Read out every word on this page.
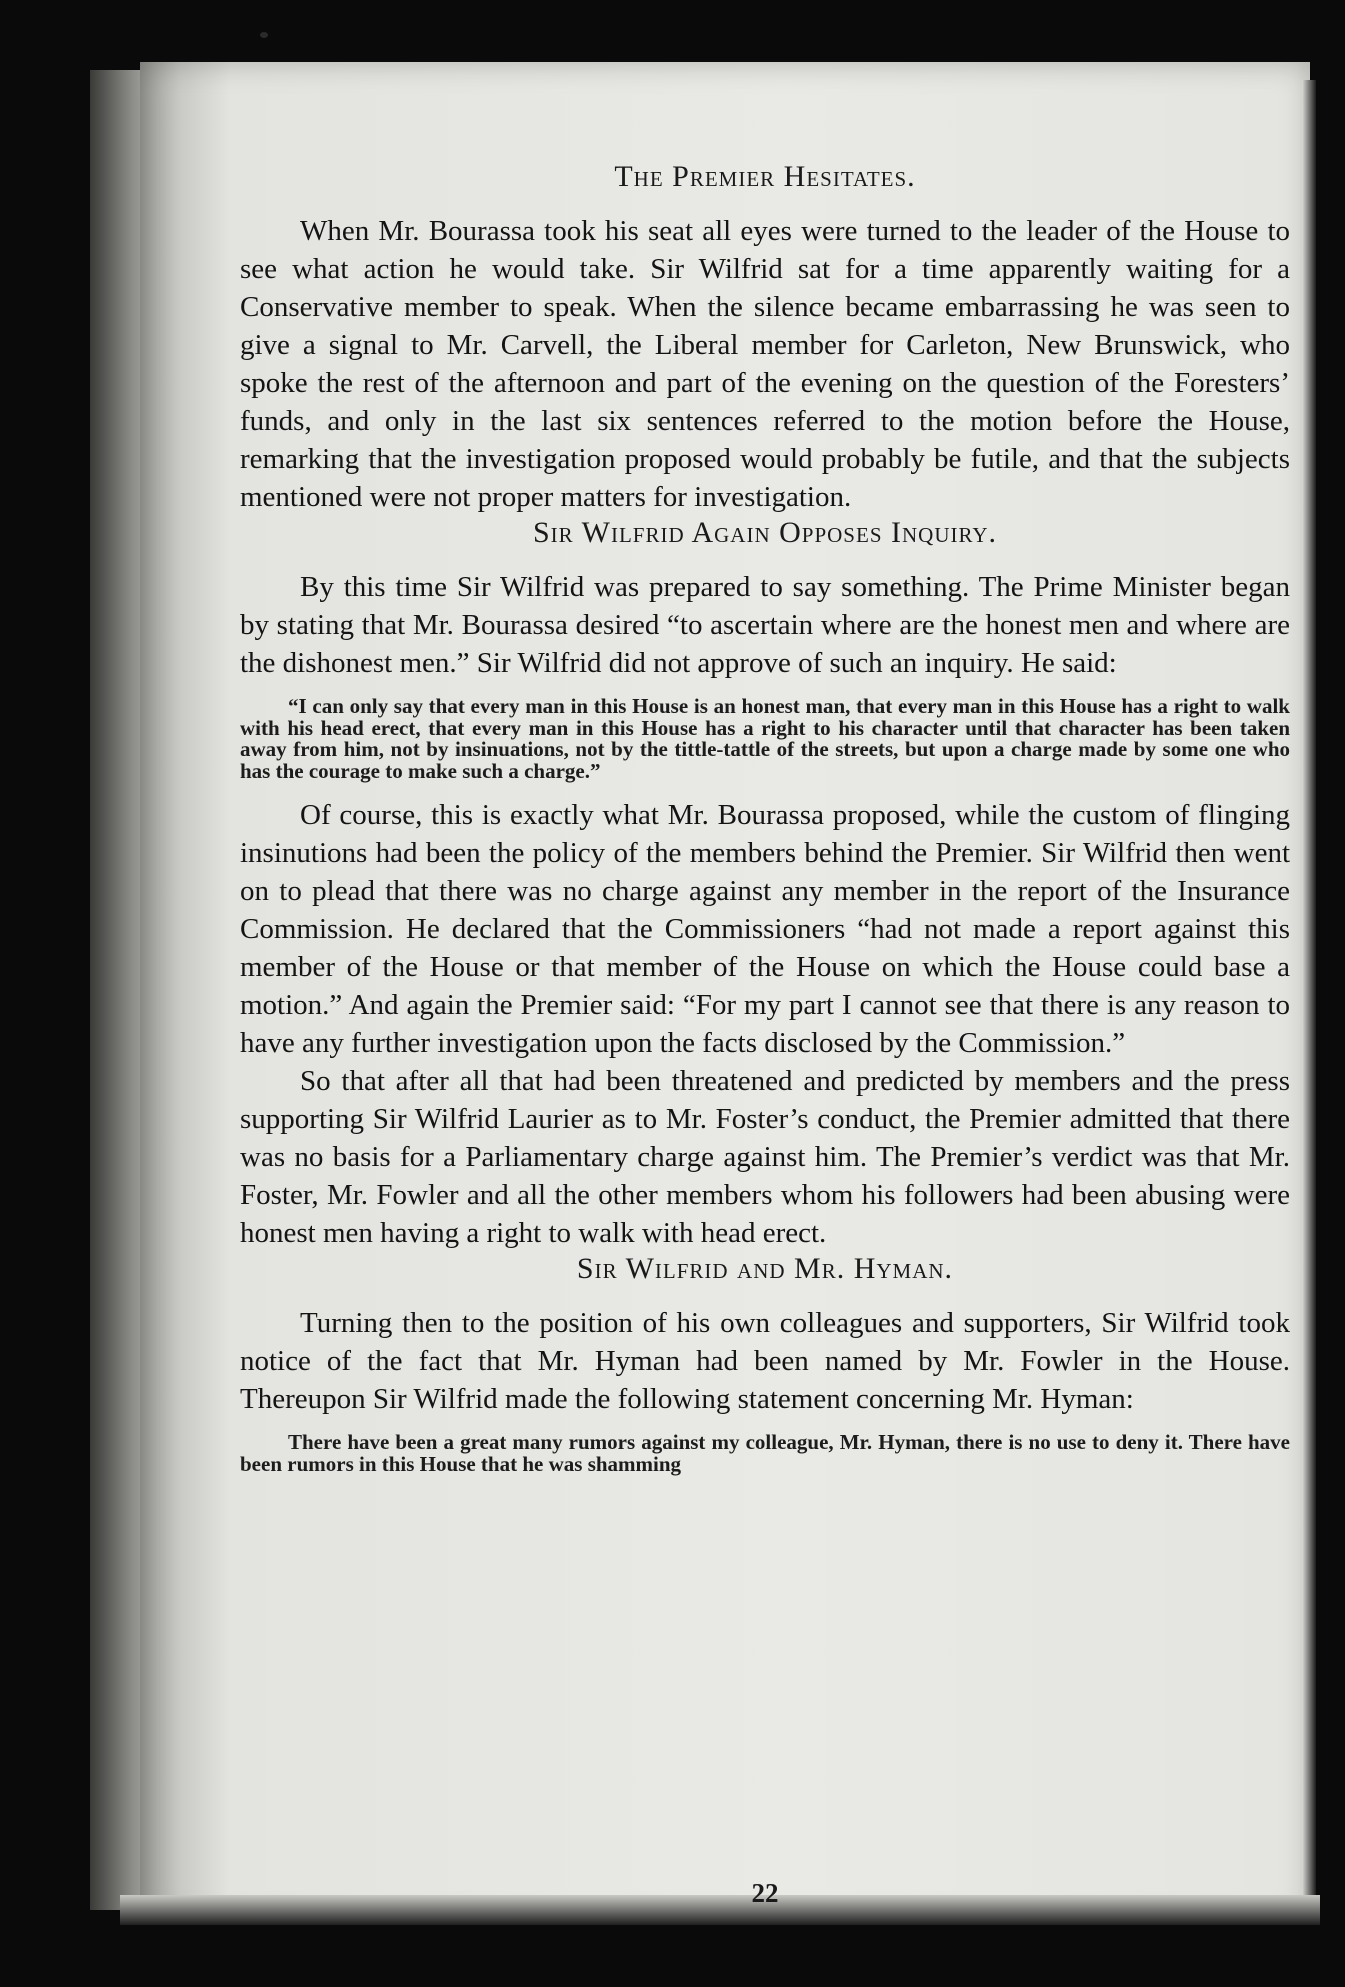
The Premier Hesitates.

When Mr. Bourassa took his seat all eyes were turned to the leader of the House to see what action he would take. Sir Wilfrid sat for a time apparently waiting for a Conservative member to speak. When the silence became embarrassing he was seen to give a signal to Mr. Carvell, the Liberal member for Carleton, New Brunswick, who spoke the rest of the afternoon and part of the evening on the question of the Foresters’ funds, and only in the last six sentences referred to the motion before the House, remarking that the investigation proposed would probably be futile, and that the subjects mentioned were not proper matters for investigation.

Sir Wilfrid Again Opposes Inquiry.

By this time Sir Wilfrid was prepared to say something. The Prime Minister began by stating that Mr. Bourassa desired “to ascertain where are the honest men and where are the dishonest men.” Sir Wilfrid did not approve of such an inquiry. He said:

“I can only say that every man in this House is an honest man, that every man in this House has a right to walk with his head erect, that every man in this House has a right to his character until that character has been taken away from him, not by insinuations, not by the tittle-tattle of the streets, but upon a charge made by some one who has the courage to make such a charge.”

Of course, this is exactly what Mr. Bourassa proposed, while the custom of flinging insinutions had been the policy of the members behind the Premier. Sir Wilfrid then went on to plead that there was no charge against any member in the report of the Insurance Commission. He declared that the Commissioners “had not made a report against this member of the House or that member of the House on which the House could base a motion.” And again the Premier said: “For my part I cannot see that there is any reason to have any further investigation upon the facts disclosed by the Commission.”

So that after all that had been threatened and predicted by members and the press supporting Sir Wilfrid Laurier as to Mr. Foster’s conduct, the Premier admitted that there was no basis for a Parliamentary charge against him. The Premier’s verdict was that Mr. Foster, Mr. Fowler and all the other members whom his followers had been abusing were honest men having a right to walk with head erect.

Sir Wilfrid and Mr. Hyman.

Turning then to the position of his own colleagues and supporters, Sir Wilfrid took notice of the fact that Mr. Hyman had been named by Mr. Fowler in the House. Thereupon Sir Wilfrid made the following statement concerning Mr. Hyman:

There have been a great many rumors against my colleague, Mr. Hyman, there is no use to deny it. There have been rumors in this House that he was shamming

22
